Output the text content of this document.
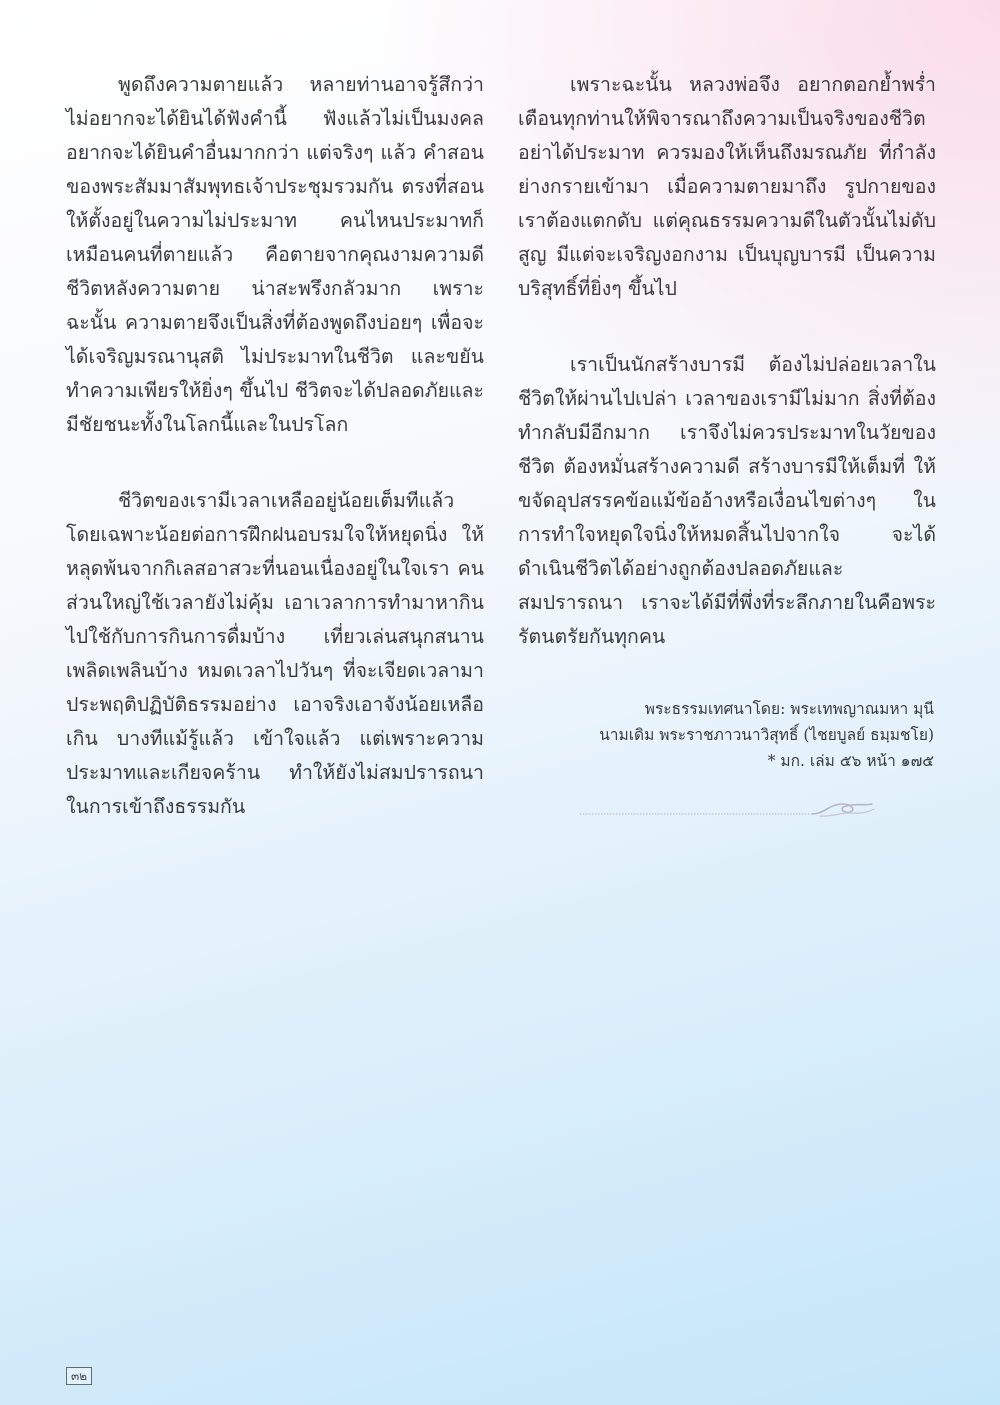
พูดถึงความตายแล้ว หลายท่านอาจรู้สึกว่าไม่อยากจะได้ยินได้ฟังคำนี้ ฟังแล้วไม่เป็นมงคล อยากจะได้ยินคำอื่นมากกว่า แต่จริงๆ แล้ว คำสอนของพระสัมมาสัมพุทธเจ้าประชุมรวมกัน ตรงที่สอนให้ตั้งอยู่ในความไม่ประมาท คนไหนประมาทก็เหมือนคนที่ตายแล้ว คือตายจากคุณงามความดี ชีวิตหลังความตาย น่าสะพรึงกลัวมาก เพราะฉะนั้น ความตายจึงเป็นสิ่งที่ต้องพูดถึงบ่อยๆ เพื่อจะได้เจริญมรณานุสติ ไม่ประมาทในชีวิต และขยันทำความเพียรให้ยิ่งๆ ขึ้นไป ชีวิตจะได้ปลอดภัยและมีชัยชนะทั้งในโลกนี้และในปรโลก

ชีวิตของเรามีเวลาเหลืออยู่น้อยเต็มทีแล้ว โดยเฉพาะน้อยต่อการฝึกฝนอบรมใจให้หยุดนิ่ง ให้หลุดพ้นจากกิเลสอาสวะที่นอนเนื่องอยู่ในใจเรา คนส่วนใหญ่ใช้เวลายังไม่คุ้ม เอาเวลาการทำมาหากิน ไปใช้กับการกินการดื่มบ้าง เที่ยวเล่นสนุกสนานเพลิดเพลินบ้าง หมดเวลาไปวันๆ ที่จะเจียดเวลามาประพฤติปฏิบัติธรรมอย่าง เอาจริงเอาจังน้อยเหลือเกิน บางทีแม้รู้แล้ว เข้าใจแล้ว แต่เพราะความประมาทและเกียจคร้าน ทำให้ยังไม่สมปรารถนาในการเข้าถึงธรรมกัน

เพราะฉะนั้น หลวงพ่อจึง อยากตอกย้ำพร่ำเตือนทุกท่านให้พิจารณาถึงความเป็นจริงของชีวิต อย่าได้ประมาท ควรมองให้เห็นถึงมรณภัย ที่กำลังย่างกรายเข้ามา เมื่อความตายมาถึง รูปกายของเราต้องแตกดับ แต่คุณธรรมความดีในตัวนั้นไม่ดับสูญ มีแต่จะเจริญงอกงาม เป็นบุญบารมี เป็นความบริสุทธิ์ที่ยิ่งๆ ขึ้นไป

เราเป็นนักสร้างบารมี ต้องไม่ปล่อยเวลาในชีวิตให้ผ่านไปเปล่า เวลาของเรามีไม่มาก สิ่งที่ต้องทำกลับมีอีกมาก เราจึงไม่ควรประมาทในวัยของชีวิต ต้องหมั่นสร้างความดี สร้างบารมีให้เต็มที่ ให้ขจัดอุปสรรคข้อแม้ข้ออ้างหรือเงื่อนไขต่างๆ ในการทำใจหยุดใจนิ่งให้หมดสิ้นไปจากใจ จะได้ดำเนินชีวิตได้อย่างถูกต้องปลอดภัยและสมปรารถนา เราจะได้มีที่พึ่งที่ระลึกภายในคือพระรัตนตรัยกันทุกคน

พระธรรมเทศนาโดย: พระเทพญาณมหา มุนี
นามเดิม พระราชภาวนาวิสุทธิ์ (ไชยบูลย์ ธมฺมชโย)
* มก. เล่ม ๕๖ หน้า ๑๗๕
๓๒
